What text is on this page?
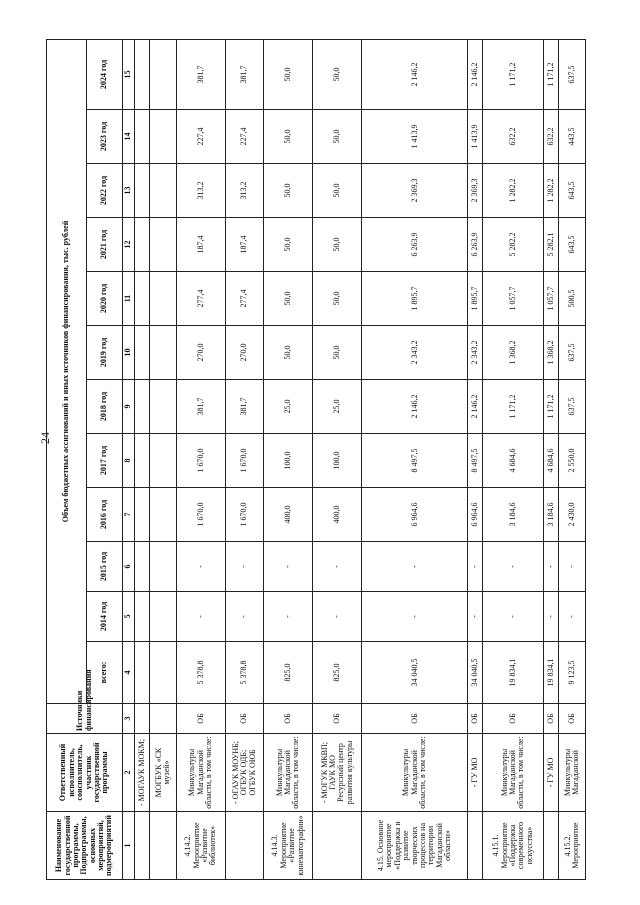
24
Наименование государственной программы, Подпрограммы, основных мероприятий, подмероприятий	Ответственный исполнитель, соисполнитель, участник государственной программы	Источники финансирования	Объем бюджетных ассигнований и иных источников финансирования, тыс. рублей											
			всего:	2014 год	2015 год	2016 год	2017 год	2018 год	2019 год	2020 год	2021 год	2022 год	2023 год	2024 год
1	2	3	4	5	6	7	8	9	10	11	12	13	14	15
	- МОГАУК МОКМ;													
	МОГБУК «СК музей»													
4.14.2. Мероприятие «Развитие библиотек»	Минкультуры Магаданской области, в том числе:	ОБ	5 378,8	-	-	1 670,0	1 670,0	381,7	270,0	277,4	187,4	313,2	227,4	381,7
	- ОГАУК МОУНБ; ОГБУК ОДБ; ОГБУК ОЮБ	ОБ	5 378,8	-	-	1 670,0	1 670,0	381,7	270,0	277,4	187,4	313,2	227,4	381,7
4.14.3. Мероприятие «Развитие кинематографии»	Минкультуры Магаданской области, в том числе:	ОБ	825,0	-	-	400,0	100,0	25,0	50,0	50,0	50,0	50,0	50,0	50,0
	- МОГУК МКВП; ГАУК МО Ресурсный центр развития культуры	ОБ	825,0	-	-	400,0	100,0	25,0	50,0	50,0	50,0	50,0	50,0	50,0
4.15. Основное мероприятие «Поддержка и развитие творческих процессов на территории Магаданской области»	Минкультуры Магаданской области, в том числе:	ОБ	34 040,5	-	-	6 964,6	8 497,5	2 146,2	2 343,2	1 895,7	6 263,9	2 369,3	1 413,9	2 146,2
	- ГУ МО	ОБ	34 040,5	-	-	6 964,6	8 497,5	2 146,2	2 343,2	1 895,7	6 263,9	2 369,3	1 413,9	2 146,2
4.15.1. Мероприятие «Поддержка современного искусства»	Минкультуры Магаданской области, в том числе:	ОБ	19 834,1	-	-	3 184,6	4 684,6	1 171,2	1 368,2	1 057,7	5 282,2	1 282,2	632,2	1 171,2
	- ГУ МО	ОБ	19 834,1	-	-	3 184,6	4 684,6	1 171,2	1 368,2	1 057,7	5 282,1	1 282,2	632,2	1 171,2
4.15.2. Мероприятие	Минкультуры Магаданской	ОБ	9 123,5	-	-	2 430,0	2 550,0	637,5	637,5	500,5	643,5	643,5	443,5	637,5
